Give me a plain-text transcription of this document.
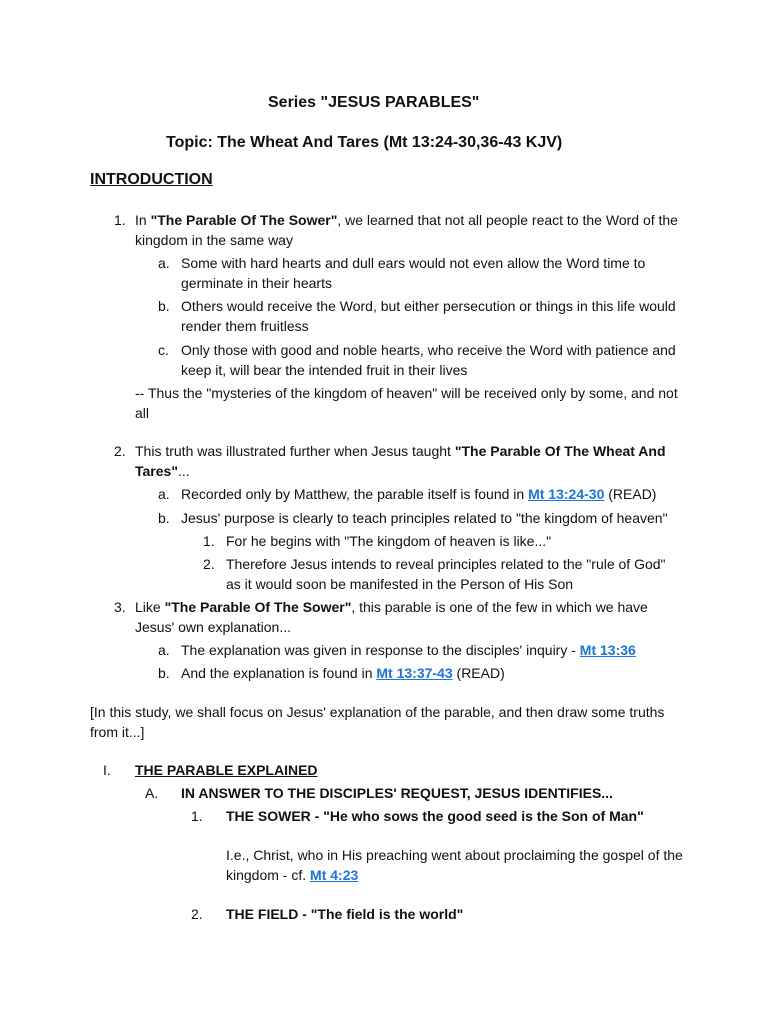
Series "JESUS PARABLES"
Topic: The Wheat And Tares (Mt 13:24-30,36-43 KJV)
INTRODUCTION
1. In "The Parable Of The Sower", we learned that not all people react to the Word of the
kingdom in the same way
a. Some with hard hearts and dull ears would not even allow the Word time to
germinate in their hearts
b. Others would receive the Word, but either persecution or things in this life would
render them fruitless
c. Only those with good and noble hearts, who receive the Word with patience and
keep it, will bear the intended fruit in their lives
-- Thus the "mysteries of the kingdom of heaven" will be received only by some, and not
all
2. This truth was illustrated further when Jesus taught "The Parable Of The Wheat And
Tares"...
a. Recorded only by Matthew, the parable itself is found in Mt 13:24-30 (READ)
b. Jesus' purpose is clearly to teach principles related to "the kingdom of heaven"
1. For he begins with "The kingdom of heaven is like..."
2. Therefore Jesus intends to reveal principles related to the "rule of God"
as it would soon be manifested in the Person of His Son
3. Like "The Parable Of The Sower", this parable is one of the few in which we have
Jesus' own explanation...
a. The explanation was given in response to the disciples' inquiry - Mt 13:36
b. And the explanation is found in Mt 13:37-43 (READ)
[In this study, we shall focus on Jesus' explanation of the parable, and then draw some truths
from it...]
I. THE PARABLE EXPLAINED
A. IN ANSWER TO THE DISCIPLES' REQUEST, JESUS IDENTIFIES...
1. THE SOWER - "He who sows the good seed is the Son of Man"
I.e., Christ, who in His preaching went about proclaiming the gospel of the
kingdom - cf. Mt 4:23
2. THE FIELD - "The field is the world"
